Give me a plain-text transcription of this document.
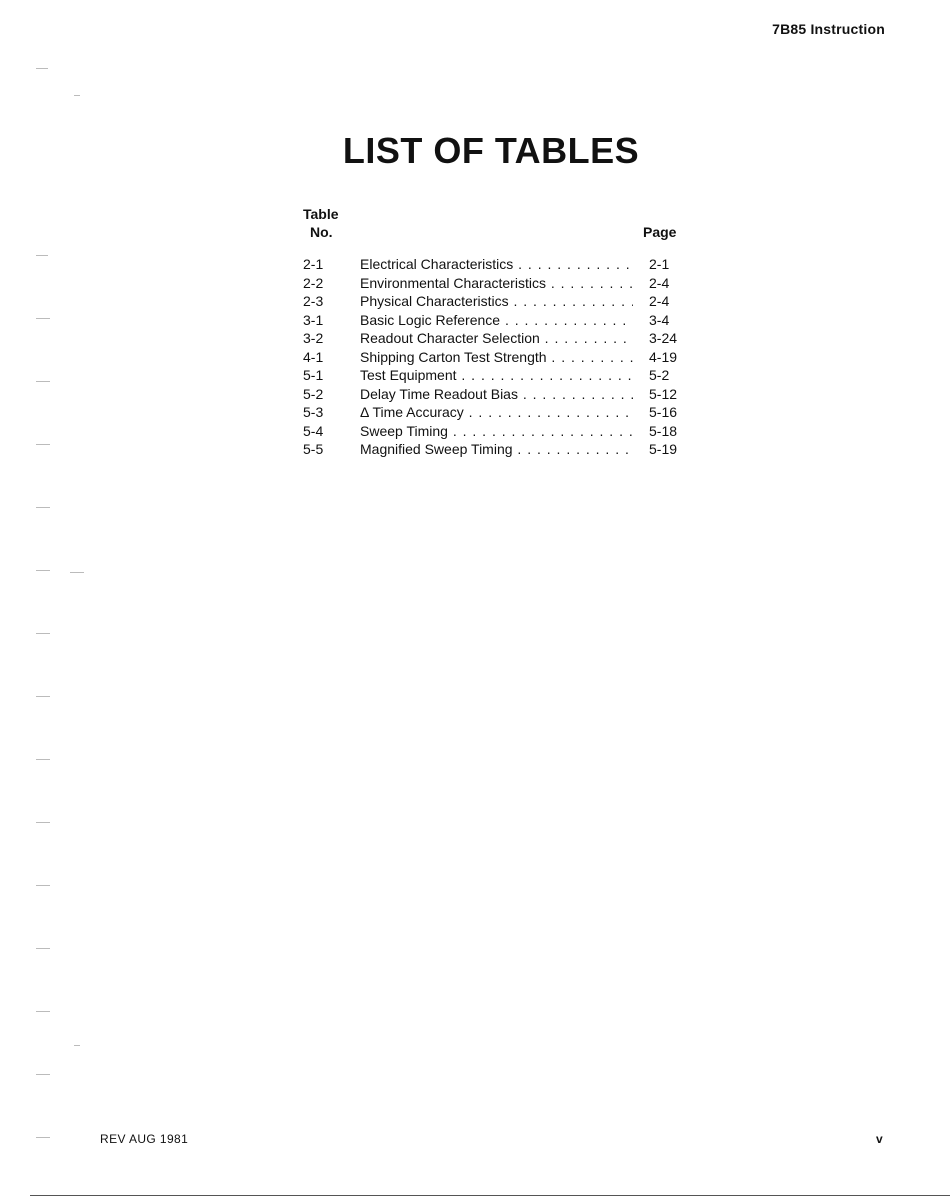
7B85 Instruction
LIST OF TABLES
Table
No.	Page
2-1	Electrical Characteristics . . .	2-1
2-2	Environmental Characteristics . . .	2-4
2-3	Physical Characteristics . . .	2-4
3-1	Basic Logic Reference . . .	3-4
3-2	Readout Character Selection . . .	3-24
4-1	Shipping Carton Test Strength . . .	4-19
5-1	Test Equipment . . .	5-2
5-2	Delay Time Readout Bias . . .	5-12
5-3	Δ Time Accuracy . . .	5-16
5-4	Sweep Timing . . .	5-18
5-5	Magnified Sweep Timing . . .	5-19
REV AUG 1981	v
